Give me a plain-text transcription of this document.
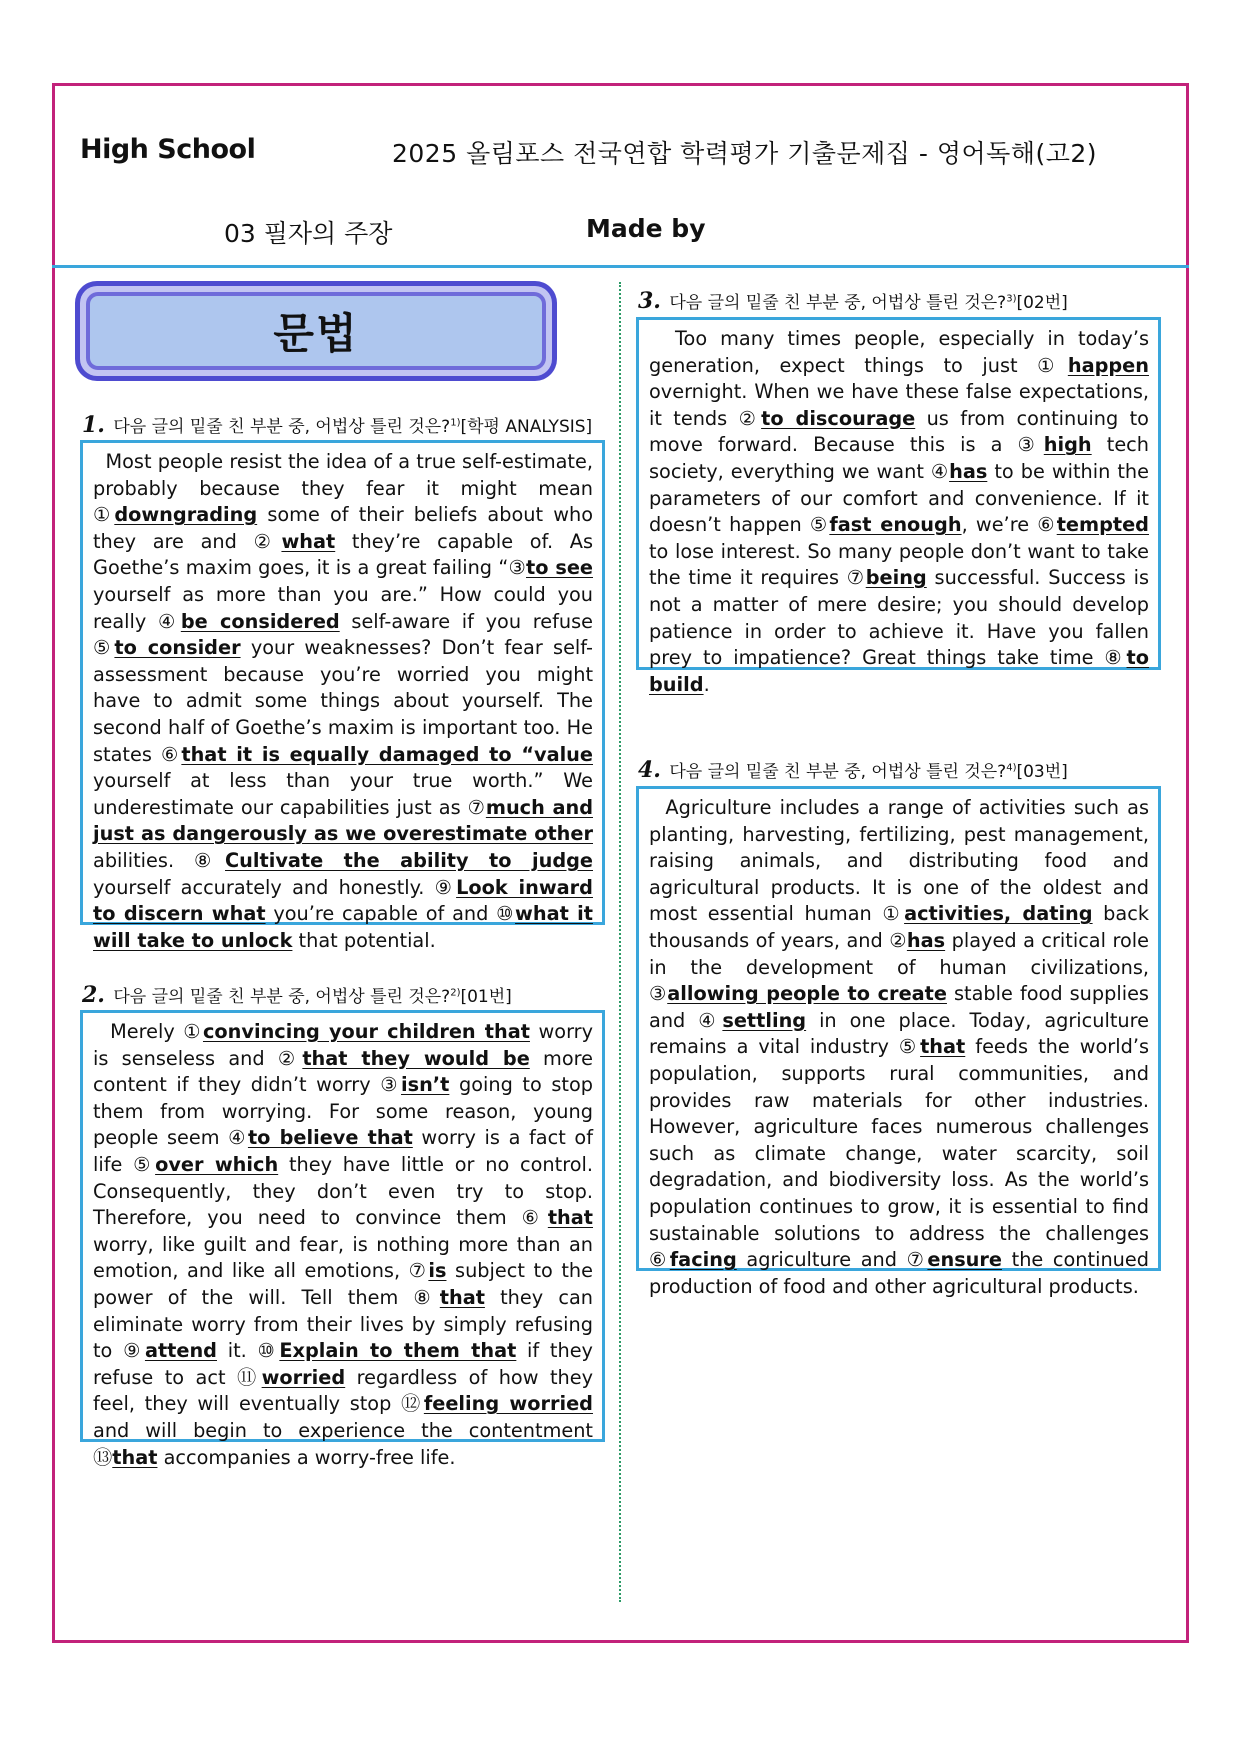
High School	2025 올림포스 전국연합 학력평가 기출문제집 - 영어독해(고2)
03 필자의 주장	Made by
문법
1. 다음 글의 밑줄 친 부분 중, 어법상 틀린 것은?$^{1)}$[학평 ANALYSIS]
Most people resist the idea of a true self-estimate, probably because they fear it might mean ①downgrading some of their beliefs about who they are and ②what they’re capable of. As Goethe’s maxim goes, it is a great failing “③to see yourself as more than you are.” How could you really ④be considered self-aware if you refuse ⑤to consider your weaknesses? Don’t fear self-assessment because you’re worried you might have to admit some things about yourself. The second half of Goethe’s maxim is important too. He states ⑥that it is equally damaged to “value yourself at less than your true worth.” We underestimate our capabilities just as ⑦much and just as dangerously as we overestimate other abilities. ⑧Cultivate the ability to judge yourself accurately and honestly. ⑨Look inward to discern what you’re capable of and ⑩what it will take to unlock that potential.
2. 다음 글의 밑줄 친 부분 중, 어법상 틀린 것은?$^{2)}$[01번]
Merely ①convincing your children that worry is senseless and ②that they would be more content if they didn’t worry ③isn’t going to stop them from worrying. For some reason, young people seem ④to believe that worry is a fact of life ⑤over which they have little or no control. Consequently, they don’t even try to stop. Therefore, you need to convince them ⑥that worry, like guilt and fear, is nothing more than an emotion, and like all emotions, ⑦is subject to the power of the will. Tell them ⑧that they can eliminate worry from their lives by simply refusing to ⑨attend it. ⑩Explain to them that if they refuse to act ⑪worried regardless of how they feel, they will eventually stop ⑫feeling worried and will begin to experience the contentment ⑬that accompanies a worry-free life.
3. 다음 글의 밑줄 친 부분 중, 어법상 틀린 것은?$^{3)}$[02번]
Too many times people, especially in today’s generation, expect things to just ①happen overnight. When we have these false expectations, it tends ②to discourage us from continuing to move forward. Because this is a ③high tech society, everything we want ④has to be within the parameters of our comfort and convenience. If it doesn’t happen ⑤fast enough, we’re ⑥tempted to lose interest. So many people don’t want to take the time it requires ⑦being successful. Success is not a matter of mere desire; you should develop patience in order to achieve it. Have you fallen prey to impatience? Great things take time ⑧to build.
4. 다음 글의 밑줄 친 부분 중, 어법상 틀린 것은?$^{4)}$[03번]
Agriculture includes a range of activities such as planting, harvesting, fertilizing, pest management, raising animals, and distributing food and agricultural products. It is one of the oldest and most essential human ①activities, dating back thousands of years, and ②has played a critical role in the development of human civilizations, ③allowing people to create stable food supplies and ④settling in one place. Today, agriculture remains a vital industry ⑤that feeds the world’s population, supports rural communities, and provides raw materials for other industries. However, agriculture faces numerous challenges such as climate change, water scarcity, soil degradation, and biodiversity loss. As the world’s population continues to grow, it is essential to find sustainable solutions to address the challenges ⑥facing agriculture and ⑦ensure the continued production of food and other agricultural products.
